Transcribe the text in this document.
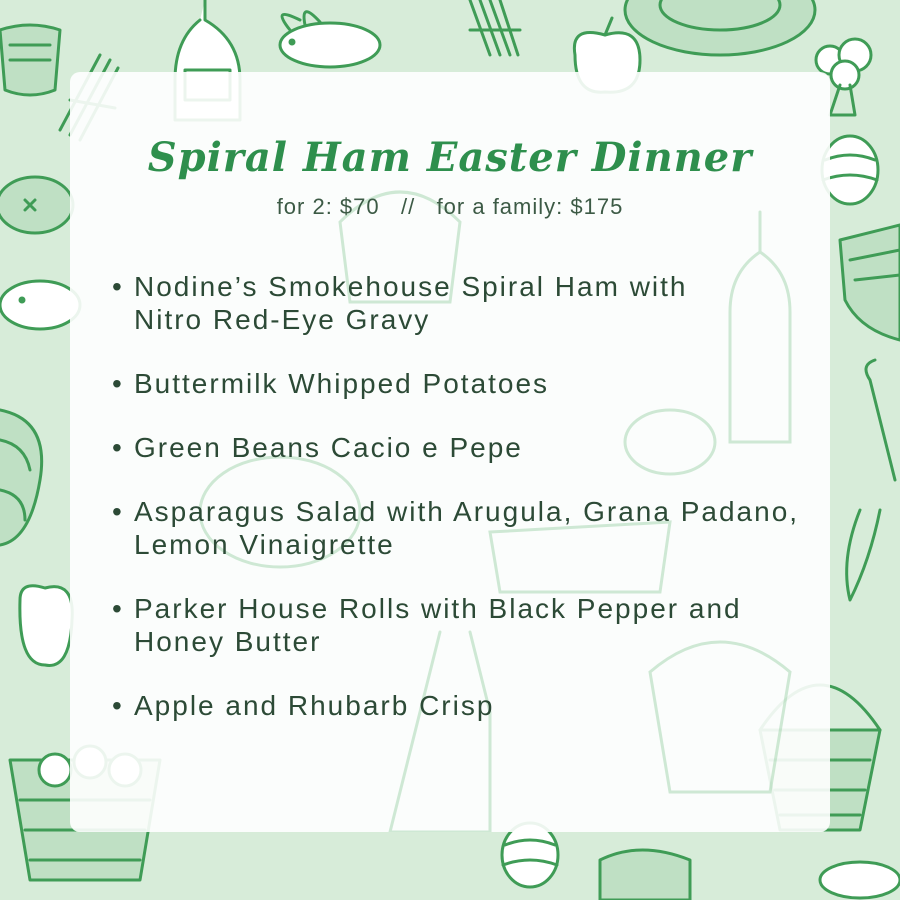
Spiral Ham Easter Dinner
for 2: $70 // for a family: $175
• Nodine’s Smokehouse Spiral Ham with
Nitro Red-Eye Gravy
• Buttermilk Whipped Potatoes
• Green Beans Cacio e Pepe
• Asparagus Salad with Arugula, Grana Padano,
Lemon Vinaigrette
• Parker House Rolls with Black Pepper and
Honey Butter
• Apple and Rhubarb Crisp
